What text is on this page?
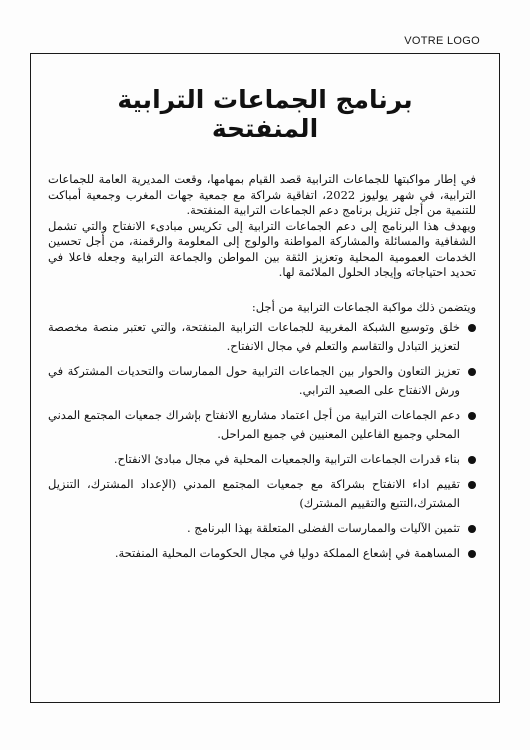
VOTRE LOGO
برنامج الجماعات الترابية المنفتحة

في إطار مواكبتها للجماعات الترابية قصد القيام بمهامها، وقعت المديرية العامة للجماعات الترابية، في شهر يوليوز 2022، اتفاقية شراكة مع جمعية جهات المغرب وجمعية أمباكت للتنمية من أجل تنزيل برنامج دعم الجماعات الترابية المنفتحة.

ويهدف هذا البرنامج إلى دعم الجماعات الترابية إلى تكريس مبادىء الانفتاح والتي تشمل الشفافية والمسائلة والمشاركة المواطنة والولوج إلى المعلومة والرقمنة، من أجل تحسين الخدمات العمومية المحلية وتعزيز الثقة بين المواطن والجماعة الترابية وجعله فاعلا في تحديد احتياجاته وإيجاد الحلول الملائمة لها.

ويتضمن ذلك مواكبة الجماعات الترابية من أجل:
خلق وتوسيع الشبكة المغربية للجماعات الترابية المنفتحة، والتي تعتبر منصة مخصصة لتعزيز التبادل والتقاسم والتعلم في مجال الانفتاح.
تعزيز التعاون والحوار بين الجماعات الترابية حول الممارسات والتحديات المشتركة في ورش الانفتاح على الصعيد الترابي.
دعم الجماعات الترابية من أجل اعتماد مشاريع الانفتاح بإشراك جمعيات المجتمع المدني المحلي وجميع الفاعلين المعنيين في جميع المراحل.
بناء قدرات الجماعات الترابية والجمعيات المحلية في مجال مبادئ الانفتاح.
تقييم اداء الانفتاح بشراكة مع جمعيات المجتمع المدني (الإعداد المشترك، التنزيل المشترك،التتبع والتقييم المشترك)
تثمين الآليات والممارسات الفضلى المتعلقة بهذا البرنامج .
المساهمة في إشعاع المملكة دوليا في مجال الحكومات المحلية المنفتحة.
